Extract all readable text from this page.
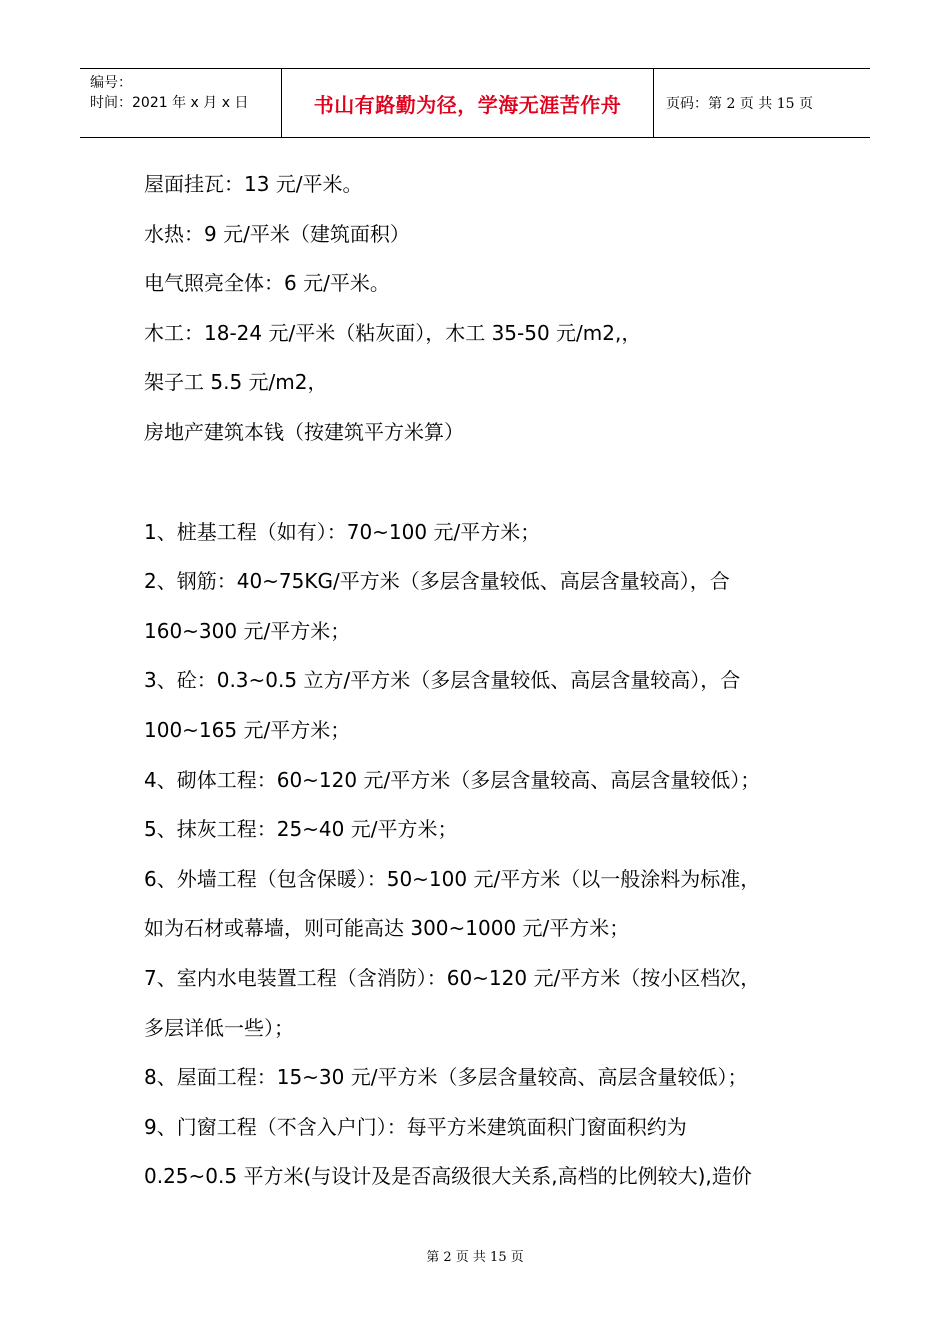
编号：
时间：2021 年 x 月 x 日	书山有路勤为径，学海无涯苦作舟	页码：第 2 页 共 15 页
屋面挂瓦：13 元/平米。
水热：9 元/平米（建筑面积）
电气照亮全体：6 元/平米。
木工：18-24 元/平米（粘灰面），木工 35-50 元/m2,，
架子工 5.5 元/m2，
房地产建筑本钱（按建筑平方米算）
1、桩基工程（如有）：70~100 元/平方米；
2、钢筋：40~75KG/平方米（多层含量较低、高层含量较高），合
160~300 元/平方米；
3、砼：0.3~0.5 立方/平方米（多层含量较低、高层含量较高），合
100~165 元/平方米；
4、砌体工程：60~120 元/平方米（多层含量较高、高层含量较低）；
5、抹灰工程：25~40 元/平方米；
6、外墙工程（包含保暖）：50~100 元/平方米（以一般涂料为标准，
如为石材或幕墙，则可能高达 300~1000 元/平方米；
7、室内水电装置工程（含消防）：60~120 元/平方米（按小区档次，
多层详低一些）；
8、屋面工程：15~30 元/平方米（多层含量较高、高层含量较低）；
9、门窗工程（不含入户门）：每平方米建筑面积门窗面积约为
0.25~0.5 平方米(与设计及是否高级很大关系,高档的比例较大),造价
第 2 页 共 15 页
